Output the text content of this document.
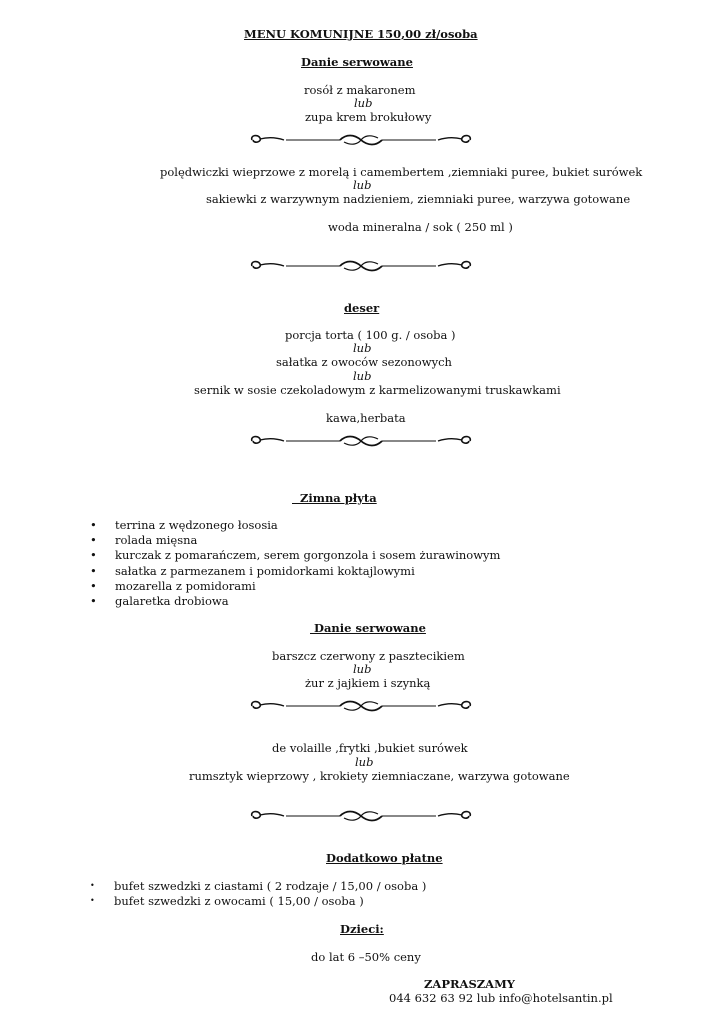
MENU KOMUNIJNE 150,00 zł/osoba
Danie serwowane
rosół z makaronem
lub
zupa krem brokułowy
polędwiczki wieprzowe z morelą i camembertem ,ziemniaki puree, bukiet surówek
lub
sakiewki z warzywnym nadzieniem, ziemniaki puree, warzywa gotowane
woda mineralna / sok ( 250 ml )
deser
porcja torta ( 100 g. / osoba )
lub
sałatka z owoców sezonowych
lub
sernik w sosie czekoladowym z karmelizowanymi truskawkami
kawa,herbata
Zimna płyta
• terrina z wędzonego łososia
• rolada mięsna
• kurczak z pomarańczem, serem gorgonzola i sosem żurawinowym
• sałatka z parmezanem i pomidorkami koktajlowymi
• mozarella z pomidorami
• galaretka drobiowa
Danie serwowane
barszcz czerwony z pasztecikiem
lub
żur z jajkiem i szynką
de volaille ,frytki ,bukiet surówek
lub
rumsztyk wieprzowy , krokiety ziemniaczane, warzywa gotowane
Dodatkowo płatne
• bufet szwedzki z ciastami ( 2 rodzaje / 15,00 / osoba )
• bufet szwedzki z owocami ( 15,00 / osoba )
Dzieci:
do lat 6 –50% ceny
ZAPRASZAMY
044 632 63 92 lub info@hotelsantin.pl
